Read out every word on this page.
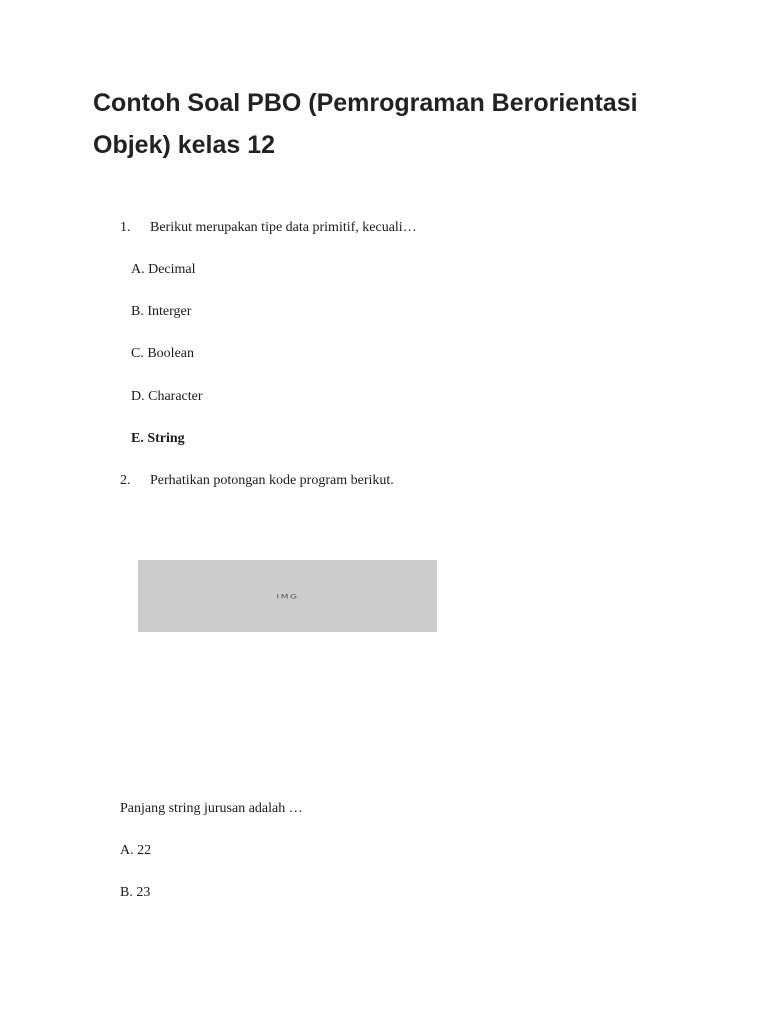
Contoh Soal PBO (Pemrograman Berorientasi Objek) kelas 12
1. Berikut merupakan tipe data primitif, kecuali…
A. Decimal
B. Interger
C. Boolean
D. Character
E. String
2. Perhatikan potongan kode program berikut.
IMG
Panjang string jurusan adalah …
A. 22
B. 23
